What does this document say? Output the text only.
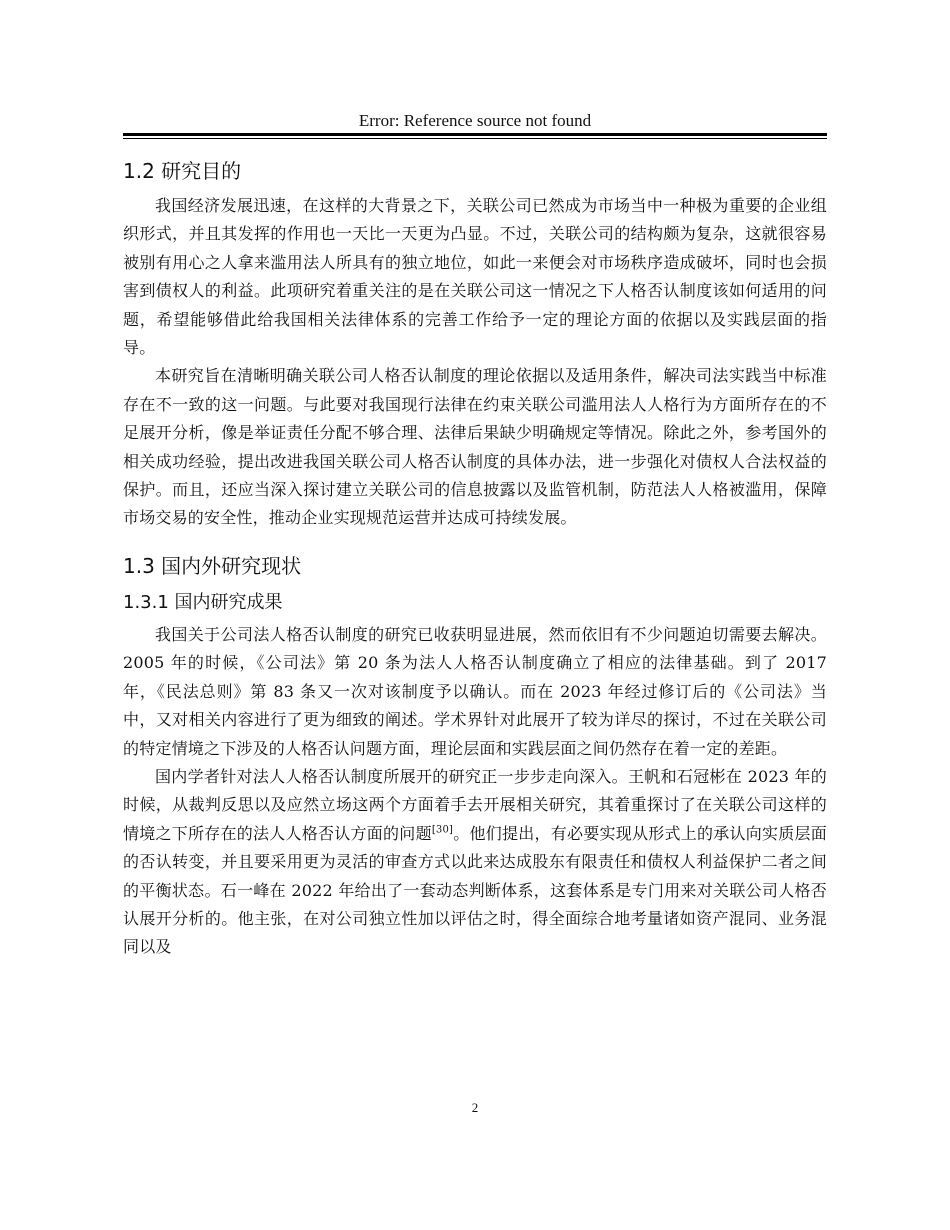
Error: Reference source not found
1.2 研究目的

我国经济发展迅速，在这样的大背景之下，关联公司已然成为市场当中一种极为重要的企业组织形式，并且其发挥的作用也一天比一天更为凸显。不过，关联公司的结构颇为复杂，这就很容易被别有用心之人拿来滥用法人所具有的独立地位，如此一来便会对市场秩序造成破坏，同时也会损害到债权人的利益。此项研究着重关注的是在关联公司这一情况之下人格否认制度该如何适用的问题，希望能够借此给我国相关法律体系的完善工作给予一定的理论方面的依据以及实践层面的指导。

本研究旨在清晰明确关联公司人格否认制度的理论依据以及适用条件，解决司法实践当中标准存在不一致的这一问题。与此要对我国现行法律在约束关联公司滥用法人人格行为方面所存在的不足展开分析，像是举证责任分配不够合理、法律后果缺少明确规定等情况。除此之外，参考国外的相关成功经验，提出改进我国关联公司人格否认制度的具体办法，进一步强化对债权人合法权益的保护。而且，还应当深入探讨建立关联公司的信息披露以及监管机制，防范法人人格被滥用，保障市场交易的安全性，推动企业实现规范运营并达成可持续发展。

1.3 国内外研究现状
1.3.1 国内研究成果

我国关于公司法人格否认制度的研究已收获明显进展，然而依旧有不少问题迫切需要去解决。2005 年的时候，《公司法》第 20 条为法人人格否认制度确立了相应的法律基础。到了 2017 年，《民法总则》第 83 条又一次对该制度予以确认。而在 2023 年经过修订后的《公司法》当中，又对相关内容进行了更为细致的阐述。学术界针对此展开了较为详尽的探讨，不过在关联公司的特定情境之下涉及的人格否认问题方面，理论层面和实践层面之间仍然存在着一定的差距。

国内学者针对法人人格否认制度所展开的研究正一步步走向深入。王帆和石冠彬在 2023 年的时候，从裁判反思以及应然立场这两个方面着手去开展相关研究，其着重探讨了在关联公司这样的情境之下所存在的法人人格否认方面的问题[30]。他们提出，有必要实现从形式上的承认向实质层面的否认转变，并且要采用更为灵活的审查方式以此来达成股东有限责任和债权人利益保护二者之间的平衡状态。石一峰在 2022 年给出了一套动态判断体系，这套体系是专门用来对关联公司人格否认展开分析的。他主张，在对公司独立性加以评估之时，得全面综合地考量诸如资产混同、业务混同以及

2
